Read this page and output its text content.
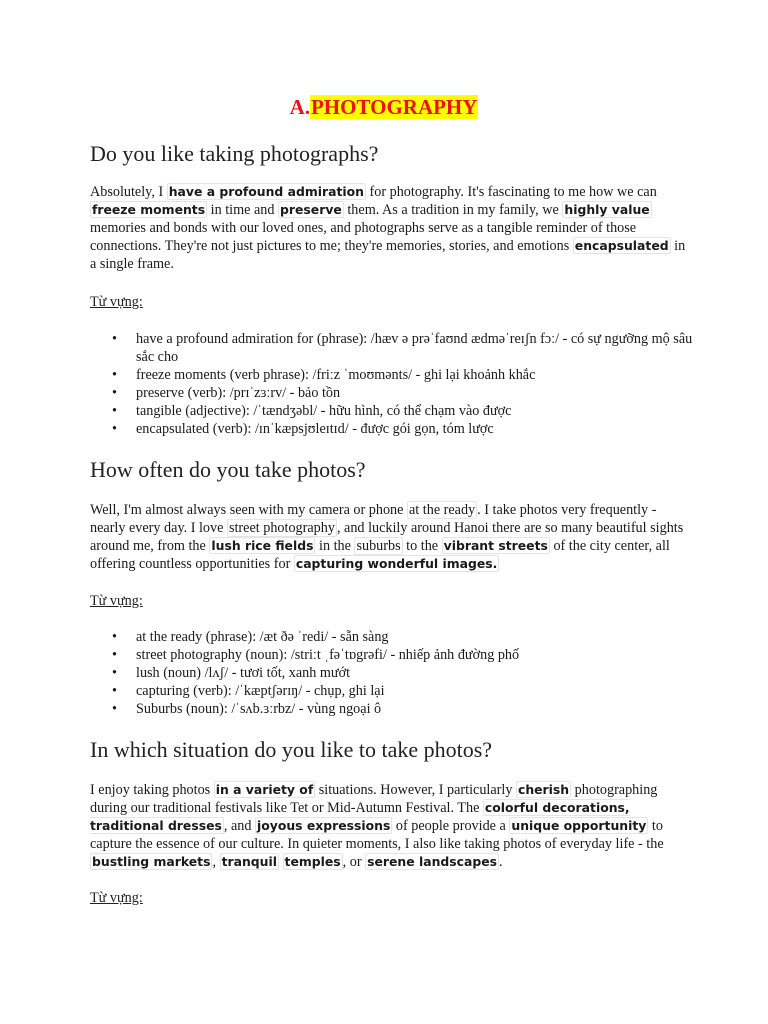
A.PHOTOGRAPHY
Do you like taking photographs?

Absolutely, I have a profound admiration for photography. It's fascinating to me how we can freeze moments in time and preserve them. As a tradition in my family, we highly value memories and bonds with our loved ones, and photographs serve as a tangible reminder of those connections. They're not just pictures to me; they're memories, stories, and emotions encapsulated in a single frame.

Từ vựng:

• have a profound admiration for (phrase): /hæv ə prəˈfaʊnd ædməˈreɪʃn fɔː/ - có sự ngưỡng mộ sâu sắc cho
• freeze moments (verb phrase): /friːz ˈmoʊmənts/ - ghi lại khoảnh khắc
• preserve (verb): /prɪˈzɜːrv/ - bảo tồn
• tangible (adjective): /ˈtændʒəbl/ - hữu hình, có thể chạm vào được
• encapsulated (verb): /ɪnˈkæpsjʊleɪtɪd/ - được gói gọn, tóm lược
How often do you take photos?

Well, I'm almost always seen with my camera or phone at the ready . I take photos very frequently - nearly every day. I love street photography , and luckily around Hanoi there are so many beautiful sights around me, from the lush rice fields in the suburbs to the vibrant streets of the city center, all offering countless opportunities for capturing wonderful images.

Từ vựng:

• at the ready (phrase): /æt ðə ˈredi/ - sẵn sàng
• street photography (noun): /striːt ˌfəˈtɒgrəfi/ - nhiếp ảnh đường phố
• lush (noun) /lʌʃ/ - tươi tốt, xanh mướt
• capturing (verb): /ˈkæptʃərɪŋ/ - chụp, ghi lại
• Suburbs (noun): /ˈsʌb.ɜːrbz/ - vùng ngoại ô
In which situation do you like to take photos?

I enjoy taking photos in a variety of situations. However, I particularly cherish photographing during our traditional festivals like Tet or Mid-Autumn Festival. The colorful decorations, traditional dresses , and joyous expressions of people provide a unique opportunity to capture the essence of our culture. In quieter moments, I also like taking photos of everyday life - the bustling markets , tranquil temples , or serene landscapes .

Từ vựng:
